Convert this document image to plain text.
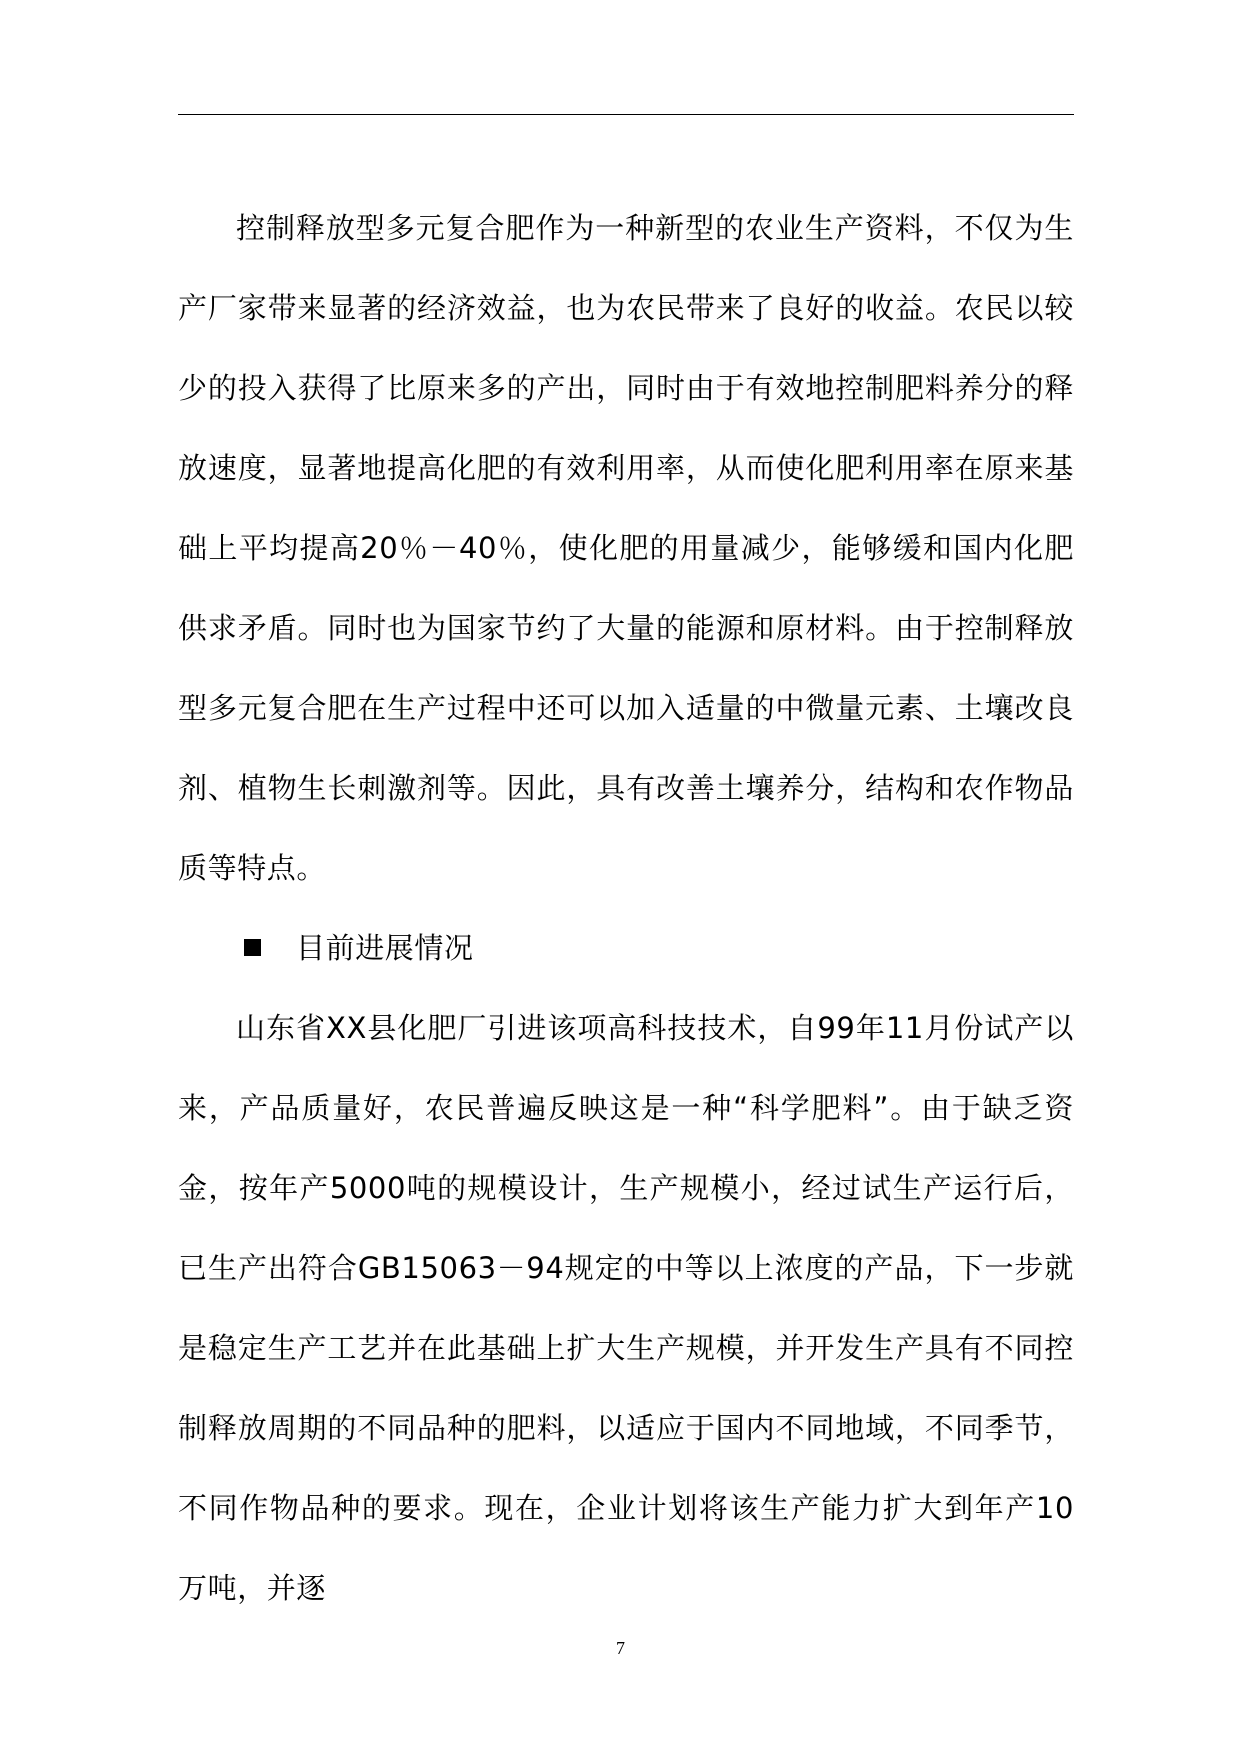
控制释放型多元复合肥作为一种新型的农业生产资料，不仅为生产厂家带来显著的经济效益，也为农民带来了良好的收益。农民以较少的投入获得了比原来多的产出，同时由于有效地控制肥料养分的释放速度，显著地提高化肥的有效利用率，从而使化肥利用率在原来基础上平均提高20％－40％，使化肥的用量减少，能够缓和国内化肥供求矛盾。同时也为国家节约了大量的能源和原材料。由于控制释放型多元复合肥在生产过程中还可以加入适量的中微量元素、土壤改良剂、植物生长刺激剂等。因此，具有改善土壤养分，结构和农作物品质等特点。

目前进展情况

山东省XX县化肥厂引进该项高科技技术，自99年11月份试产以来，产品质量好，农民普遍反映这是一种“科学肥料”。由于缺乏资金，按年产5000吨的规模设计，生产规模小，经过试生产运行后，已生产出符合GB15063－94规定的中等以上浓度的产品，下一步就是稳定生产工艺并在此基础上扩大生产规模，并开发生产具有不同控制释放周期的不同品种的肥料，以适应于国内不同地域，不同季节，不同作物品种的要求。现在，企业计划将该生产能力扩大到年产10万吨，并逐

7
